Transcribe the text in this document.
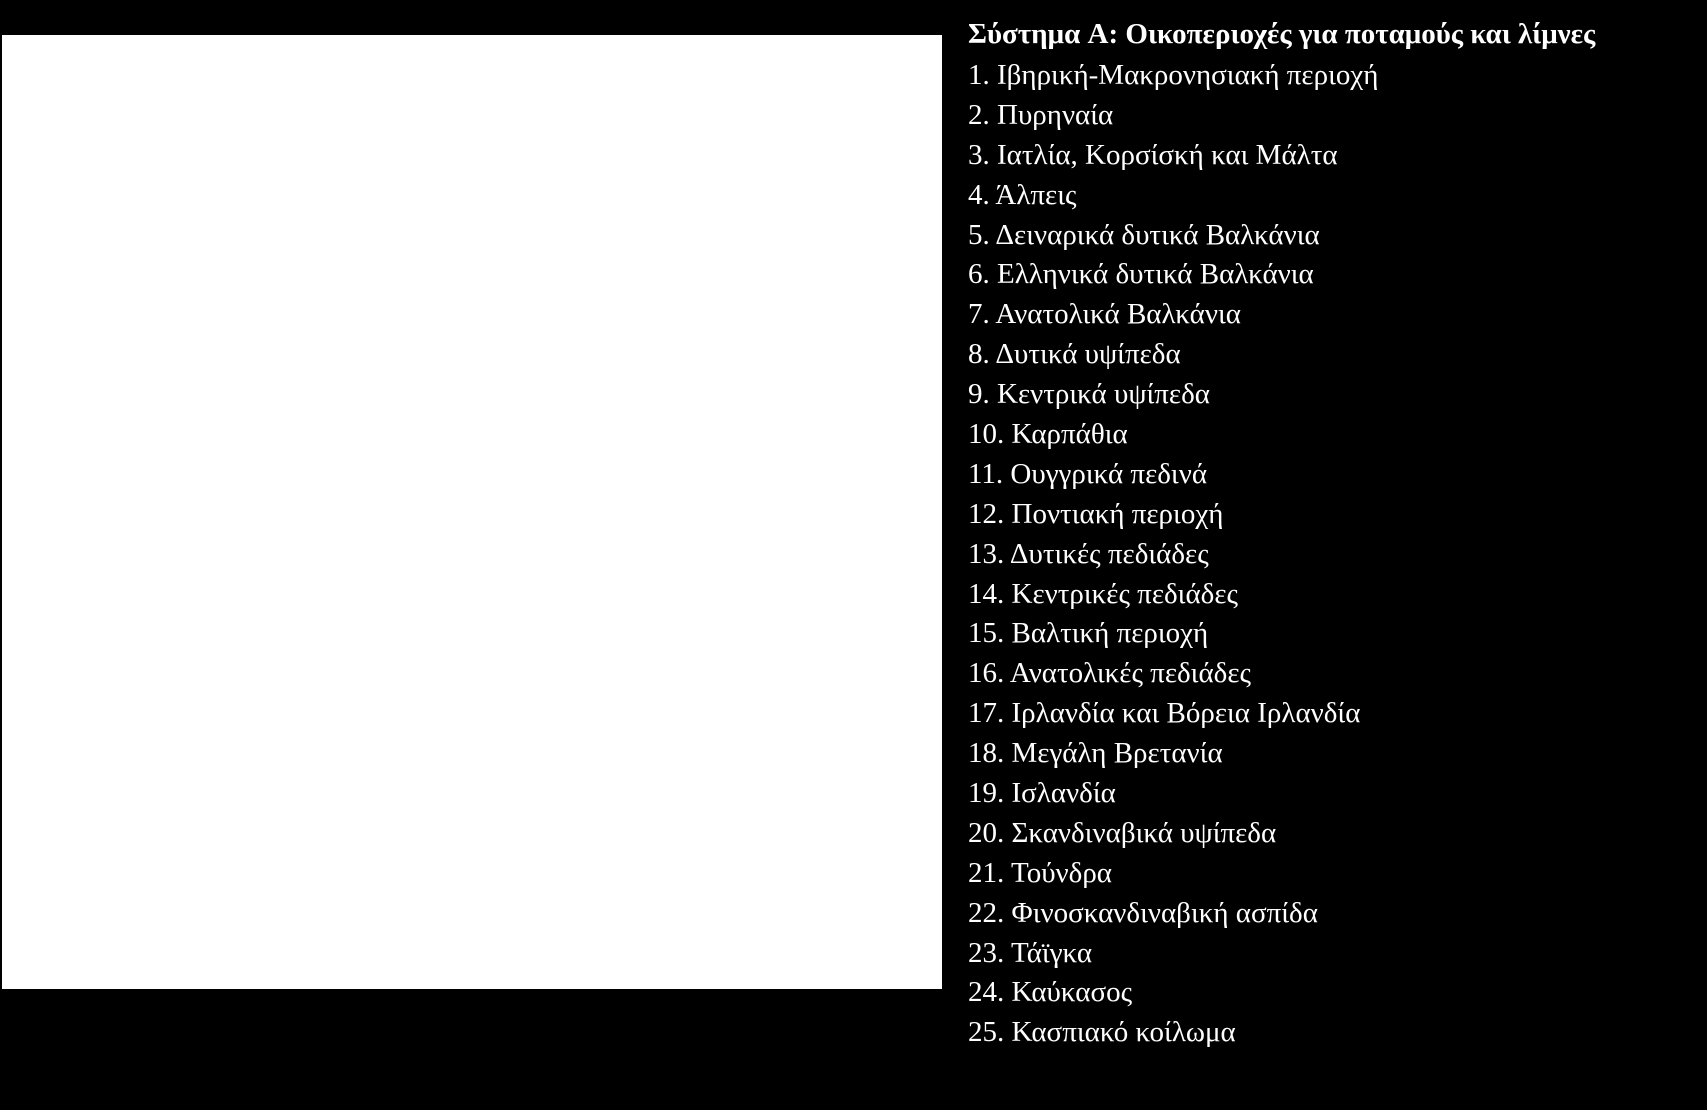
Σύστημα A: Οικοπεριοχές για ποταμούς και λίμνες
1. Ιβηρική-Μακρονησιακή περιοχή
2. Πυρηναία
3. Ιατλία, Κορσίσκή και Μάλτα
4. Άλπεις
5. Δειναρικά δυτικά Βαλκάνια
6. Ελληνικά δυτικά Βαλκάνια
7. Ανατολικά Βαλκάνια
8. Δυτικά υψίπεδα
9. Κεντρικά υψίπεδα
10. Καρπάθια
11. Ουγγρικά πεδινά
12. Ποντιακή περιοχή
13. Δυτικές πεδιάδες
14. Κεντρικές πεδιάδες
15. Βαλτική περιοχή
16. Ανατολικές πεδιάδες
17. Ιρλανδία και Βόρεια Ιρλανδία
18. Μεγάλη Βρετανία
19. Ισλανδία
20. Σκανδιναβικά υψίπεδα
21. Τούνδρα
22. Φινοσκανδιναβική ασπίδα
23. Τάϊγκα
24. Καύκασος
25. Κασπιακό κοίλωμα
